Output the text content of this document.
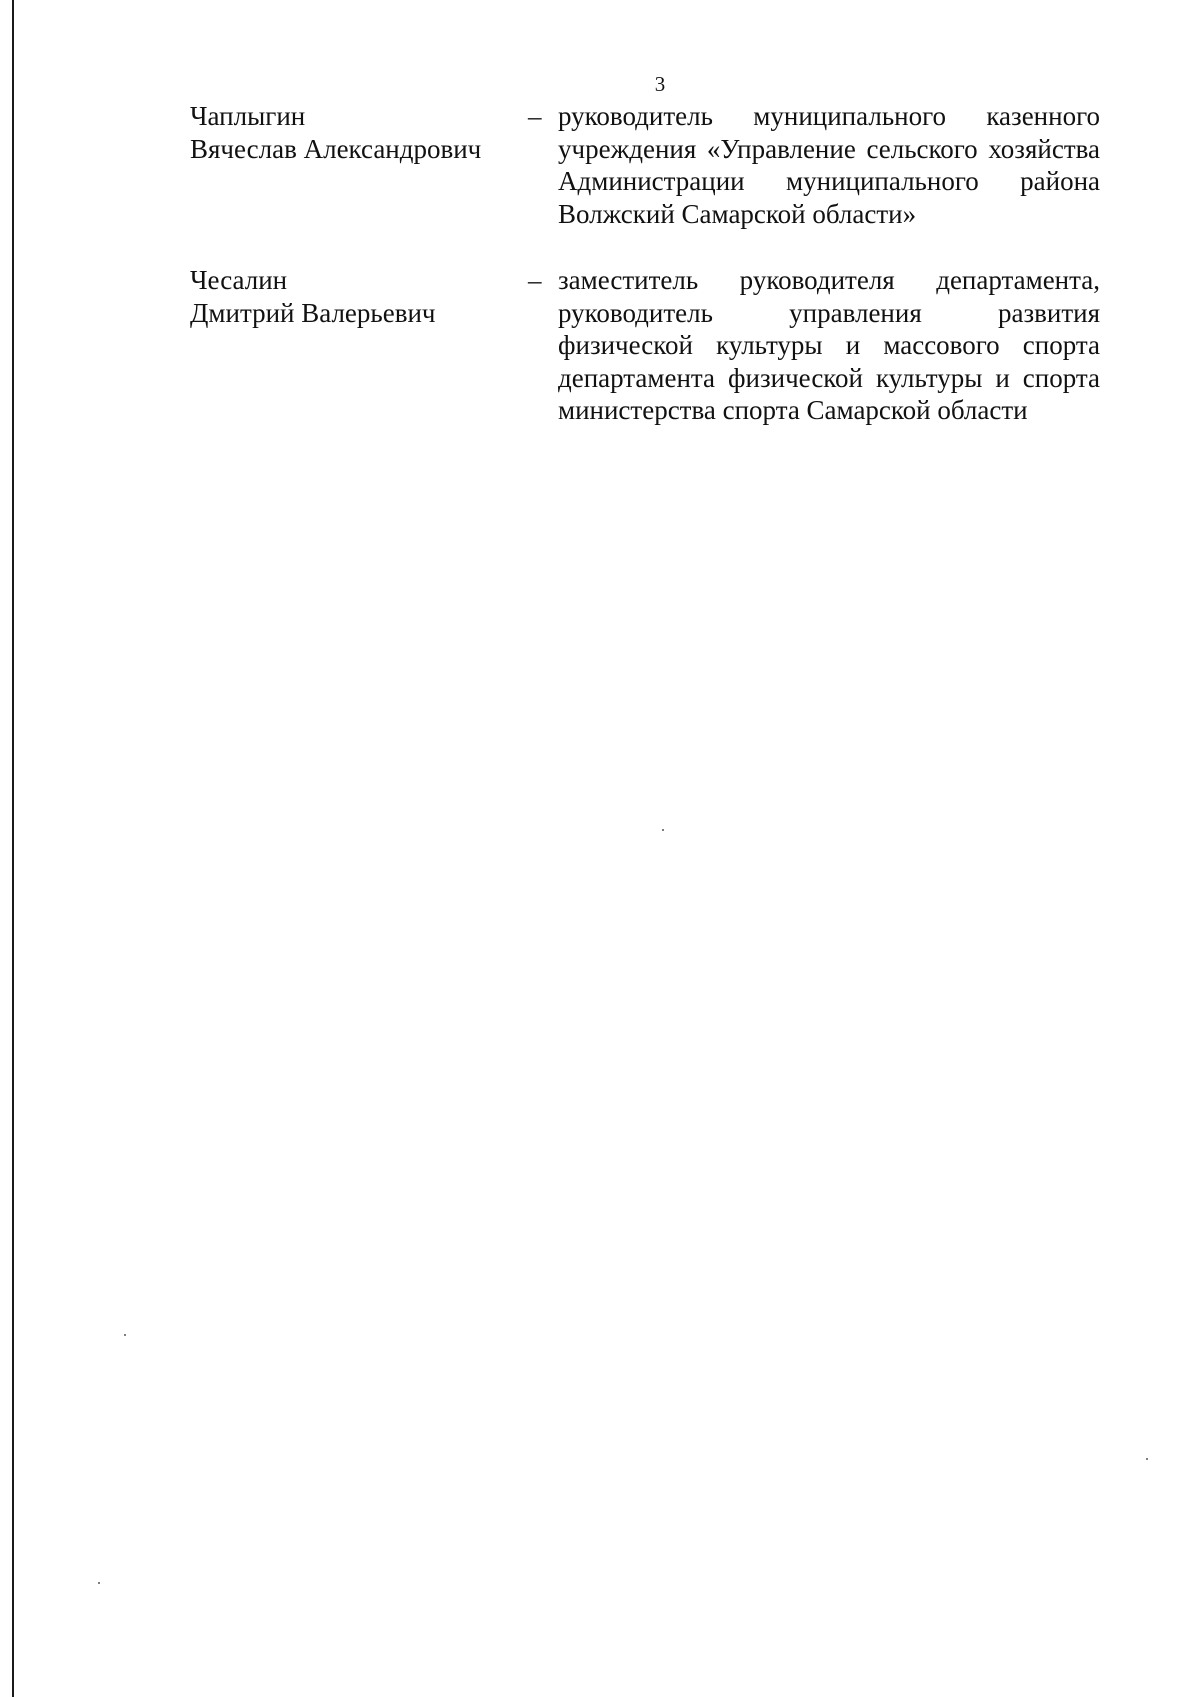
3
Чаплыгин
Вячеслав Александрович
– руководитель муниципального казенного учреждения «Управление сельского хозяйства Администрации муниципального района Волжский Самарской области»
Чесалин
Дмитрий Валерьевич
– заместитель руководителя департамента, руководитель управления развития физической культуры и массового спорта департамента физической культуры и спорта министерства спорта Самарской области
